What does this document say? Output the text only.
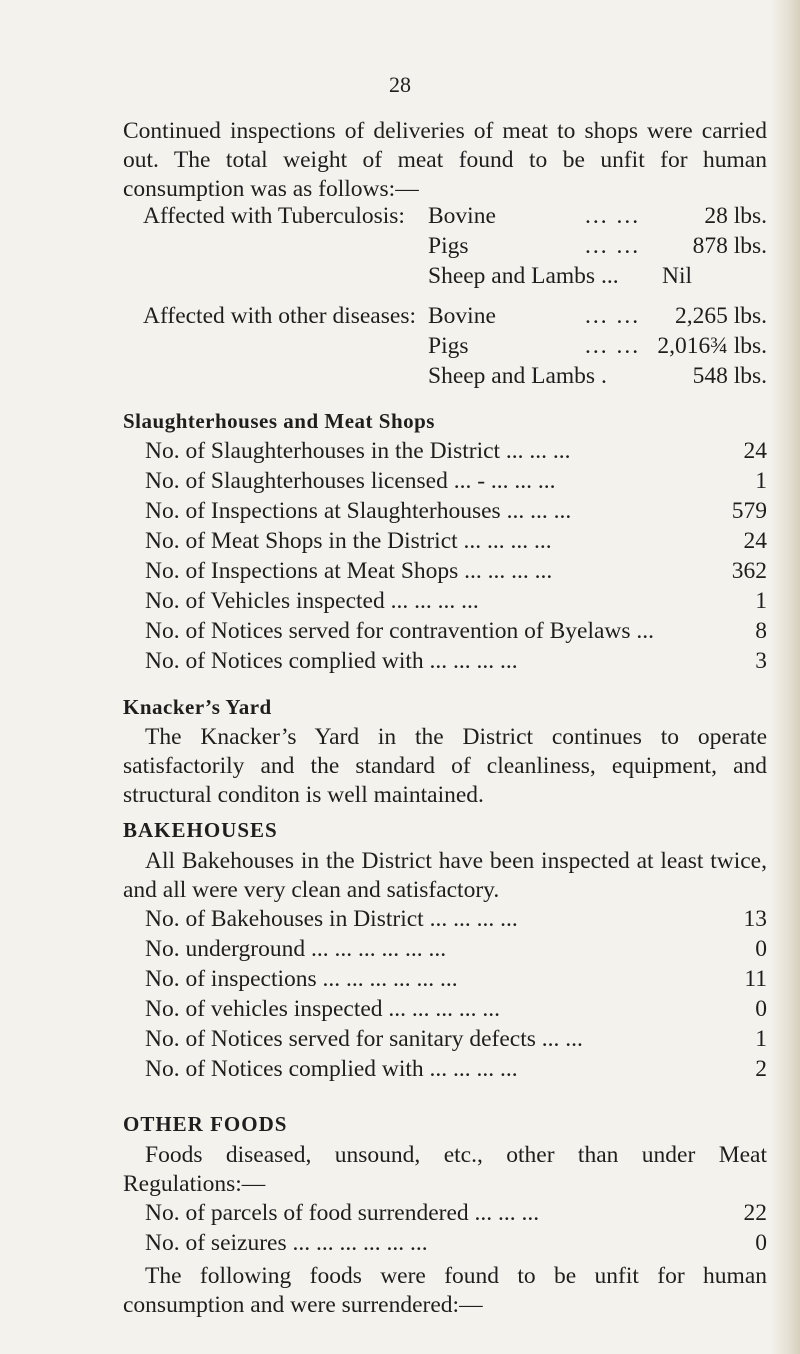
28
Continued inspections of deliveries of meat to shops were carried out. The total weight of meat found to be unfit for human consumption was as follows:—
Affected with Tuberculosis: Bovine	... ...	28 lbs.
Pigs	... ... 878 lbs.
Sheep and Lambs ... Nil
Affected with other diseases: Bovine	... ... 2,265 lbs.
Pigs	... ... 2,016¾ lbs.
Sheep and Lambs .	548 lbs.
Slaughterhouses and Meat Shops
No. of Slaughterhouses in the District ... ... ...	24
No. of Slaughterhouses licensed ... - ... ... ...	1
No. of Inspections at Slaughterhouses ... ... ...	579
No. of Meat Shops in the District ... ... ... ...	24
No. of Inspections at Meat Shops ... ... ... ...	362
No. of Vehicles inspected ... ... ... ...	1
No. of Notices served for contravention of Byelaws ...	8
No. of Notices complied with ... ... ... ...	3
Knacker’s Yard
The Knacker’s Yard in the District continues to operate satisfactorily and the standard of cleanliness, equipment, and structural conditon is well maintained.
BAKEHOUSES
All Bakehouses in the District have been inspected at least twice, and all were very clean and satisfactory.
No. of Bakehouses in District ... ... ... ...	13
No. underground ... ... ... ... ... ...	0
No. of inspections ... ... ... ... ... ...	11
No. of vehicles inspected ... ... ... ... ...	0
No. of Notices served for sanitary defects ... ...	1
No. of Notices complied with ... ... ... ...	2
OTHER FOODS
Foods diseased, unsound, etc., other than under Meat Regulations:—
No. of parcels of food surrendered ... ... ...	22
No. of seizures ... ... ... ... ... ...	0
The following foods were found to be unfit for human consumption and were surrendered:—
